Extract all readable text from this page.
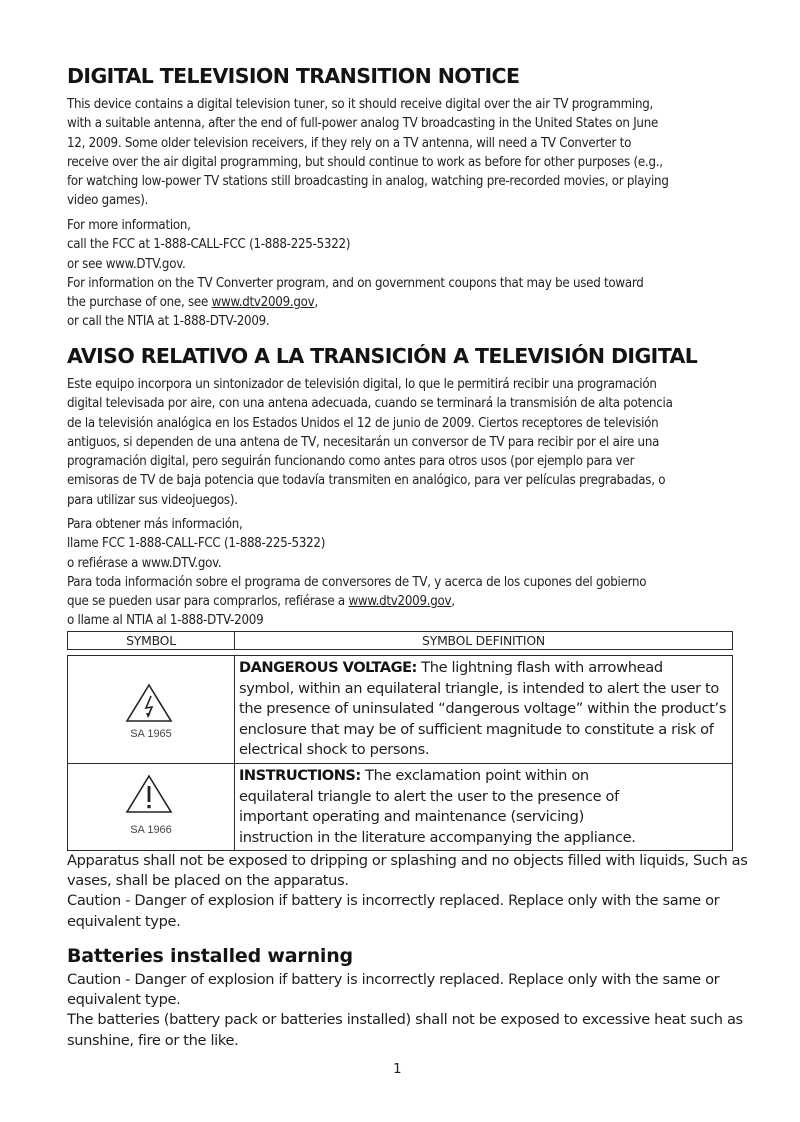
DIGITAL TELEVISION TRANSITION NOTICE
This device contains a digital television tuner, so it should receive digital over the air TV programming,
with a suitable antenna, after the end of full-power analog TV broadcasting in the United States on June
12, 2009. Some older television receivers, if they rely on a TV antenna, will need a TV Converter to
receive over the air digital programming, but should continue to work as before for other purposes (e.g.,
for watching low-power TV stations still broadcasting in analog, watching pre-recorded movies, or playing
video games).
For more information,
call the FCC at 1-888-CALL-FCC (1-888-225-5322)
or see www.DTV.gov.
For information on the TV Converter program, and on government coupons that may be used toward
the purchase of one, see www.dtv2009.gov,
or call the NTIA at 1-888-DTV-2009.
AVISO RELATIVO A LA TRANSICIÓN A TELEVISIÓN DIGITAL
Este equipo incorpora un sintonizador de televisión digital, lo que le permitirá recibir una programación
digital televisada por aire, con una antena adecuada, cuando se terminará la transmisión de alta potencia
de la televisión analógica en los Estados Unidos el 12 de junio de 2009. Ciertos receptores de televisión
antiguos, si dependen de una antena de TV, necesitarán un conversor de TV para recibir por el aire una
programación digital, pero seguirán funcionando como antes para otros usos (por ejemplo para ver
emisoras de TV de baja potencia que todavía transmiten en analógico, para ver películas pregrabadas, o
para utilizar sus videojuegos).
Para obtener más información,
llame FCC 1-888-CALL-FCC (1-888-225-5322)
o refiérase a www.DTV.gov.
Para toda información sobre el programa de conversores de TV, y acerca de los cupones del gobierno
que se pueden usar para comprarlos, refiérase a www.dtv2009.gov,
o llame al NTIA al 1-888-DTV-2009
SYMBOL	SYMBOL DEFINITION
SA 1965
DANGEROUS VOLTAGE: The lightning flash with arrowhead
symbol, within an equilateral triangle, is intended to alert the user to
the presence of uninsulated “dangerous voltage” within the product’s
enclosure that may be of sufficient magnitude to constitute a risk of
electrical shock to persons.
SA 1966
INSTRUCTIONS: The exclamation point within on
equilateral triangle to alert the user to the presence of
important operating and maintenance (servicing)
instruction in the literature accompanying the appliance.
Apparatus shall not be exposed to dripping or splashing and no objects filled with liquids, Such as
vases, shall be placed on the apparatus.
Caution - Danger of explosion if battery is incorrectly replaced. Replace only with the same or
equivalent type.
Batteries installed warning
Caution - Danger of explosion if battery is incorrectly replaced. Replace only with the same or
equivalent type.
The batteries (battery pack or batteries installed) shall not be exposed to excessive heat such as
sunshine, fire or the like.
1
